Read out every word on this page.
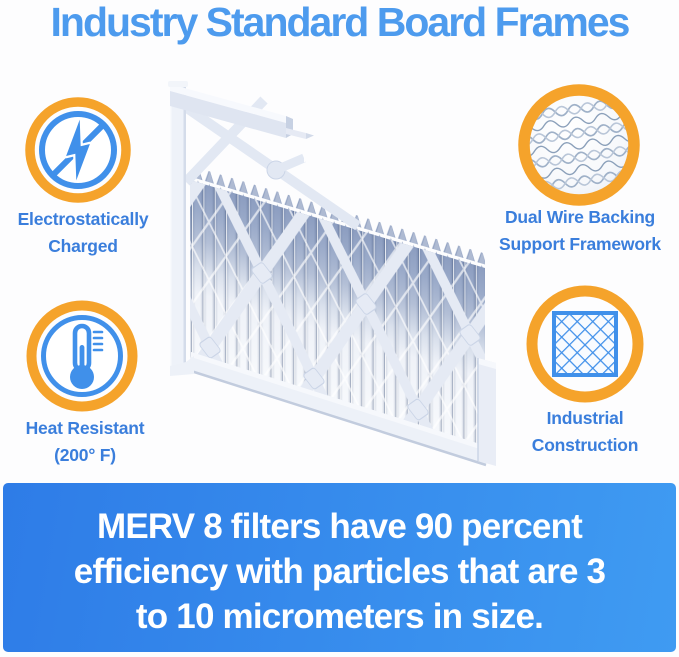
Industry Standard Board Frames
Electrostatically
Charged
Dual Wire Backing
Support Framework
Heat Resistant
(200° F)
Industrial
Construction
MERV 8 filters have 90 percent
efficiency with particles that are 3
to 10 micrometers in size.
